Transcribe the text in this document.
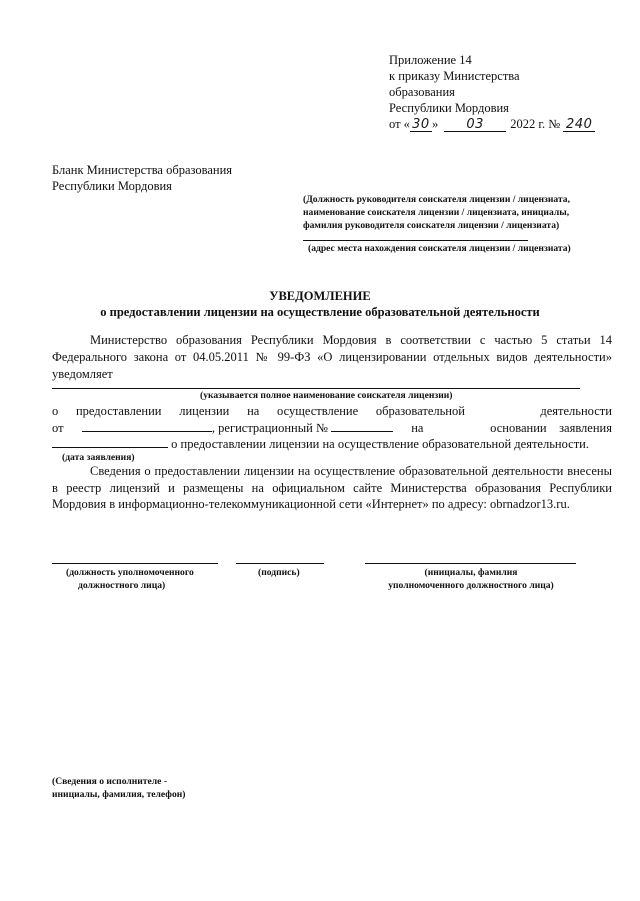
Приложение 14
к приказу Министерства
образования
Республики Мордовия
от « 30 » 03 2022 г. № 240
Бланк Министерства образования
Республики Мордовия
(Должность руководителя соискателя лицензии / лицензиата,
наименование соискателя лицензии / лицензиата, инициалы,
фамилия руководителя соискателя лицензии / лицензиата)
(адрес места нахождения соискателя лицензии / лицензиата)
УВЕДОМЛЕНИЕ
о предоставлении лицензии на осуществление образовательной деятельности
Министерство образования Республики Мордовия в соответствии с частью 5 статьи 14 Федерального закона от 04.05.2011 № 99-ФЗ «О лицензировании отдельных видов деятельности» уведомляет
(указывается полное наименование соискателя лицензии)
о предоставлении лицензии на осуществление образовательной	деятельности
от	, регистрационный №	на	основании заявления
о предоставлении лицензии на осуществление образовательной деятельности.
(дата заявления)
Сведения о предоставлении лицензии на осуществление образовательной деятельности внесены в реестр лицензий и размещены на официальном сайте Министерства образования Республики Мордовия в информационно-телекоммуникационной сети «Интернет» по адресу: obrnadzor13.ru.
(должность уполномоченного
должностного лица)
(подпись)	(инициалы, фамилия
уполномоченного должностного лица)
(Сведения о исполнителе -
инициалы, фамилия, телефон)
